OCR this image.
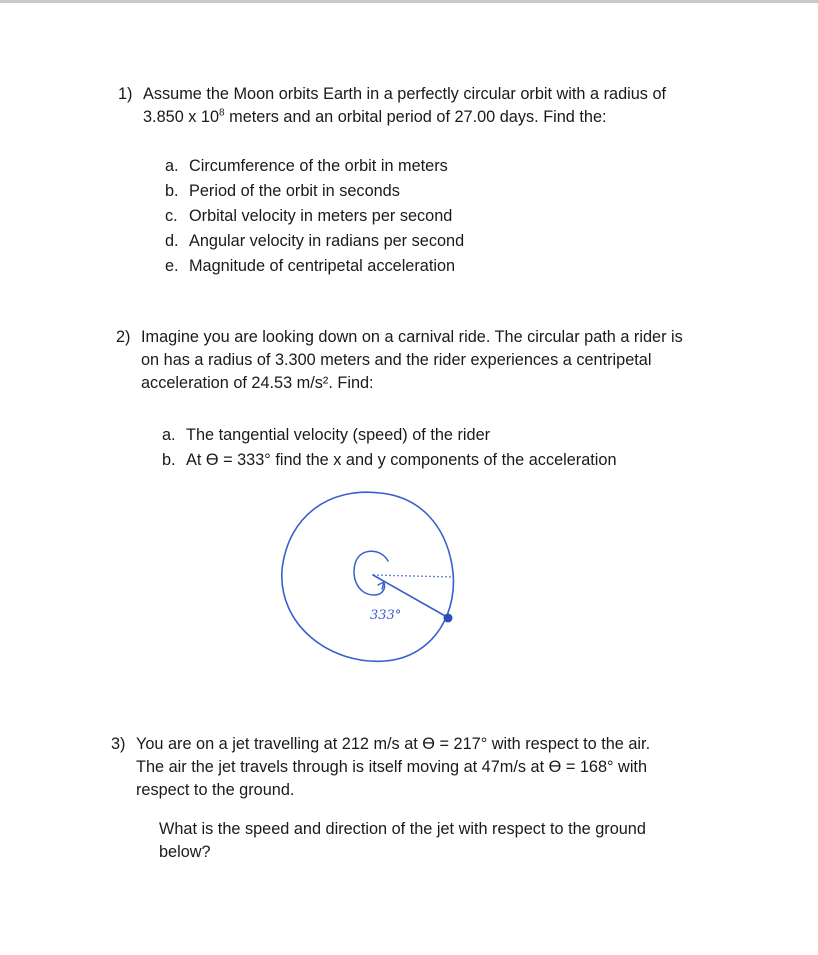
1) Assume the Moon orbits Earth in a perfectly circular orbit with a radius of
3.850 x $10^8$ meters and an orbital period of 27.00 days. Find the:
a. Circumference of the orbit in meters
b. Period of the orbit in seconds
c. Orbital velocity in meters per second
d. Angular velocity in radians per second
e. Magnitude of centripetal acceleration
2) Imagine you are looking down on a carnival ride. The circular path a rider is
on has a radius of 3.300 meters and the rider experiences a centripetal
acceleration of 24.53 m/s². Find:
a. The tangential velocity (speed) of the rider
b. At ϴ = 333° find the x and y components of the acceleration
333°
3) You are on a jet travelling at 212 m/s at ϴ = 217° with respect to the air.
The air the jet travels through is itself moving at 47m/s at ϴ = 168° with
respect to the ground.
What is the speed and direction of the jet with respect to the ground
below?
